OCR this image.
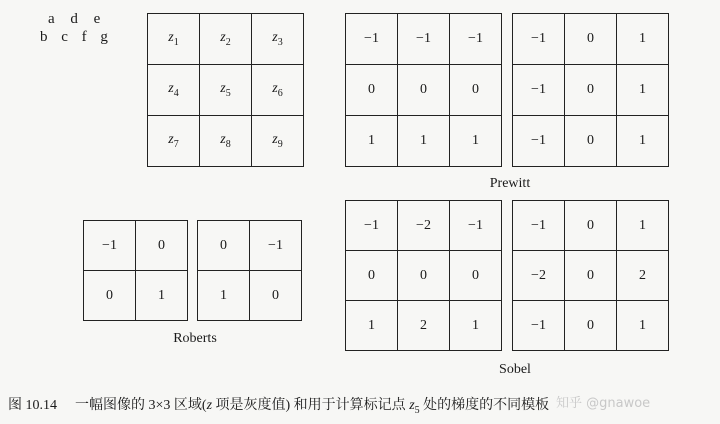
a d e
b c f g	$z_1$	$z_2$	$z_3$
$z_4$	$z_5$	$z_6$
$z_7$	$z_8$	$z_9$
−1	−1	−1
0	0	0
1	1	1
−1	0	1
−1	0	1
−1	0	1
Prewitt
−1	0
0	1
0	−1
1	0
Roberts
−1	−2	−1
0	0	0
1	2	1
−1	0	1
−2	0	2
−1	0	1
Sobel
图 10.14 一幅图像的 3×3 区域(z 项是灰度值) 和用于计算标记点 $z_5$ 处的梯度的不同模板 知乎 @gnawoe
